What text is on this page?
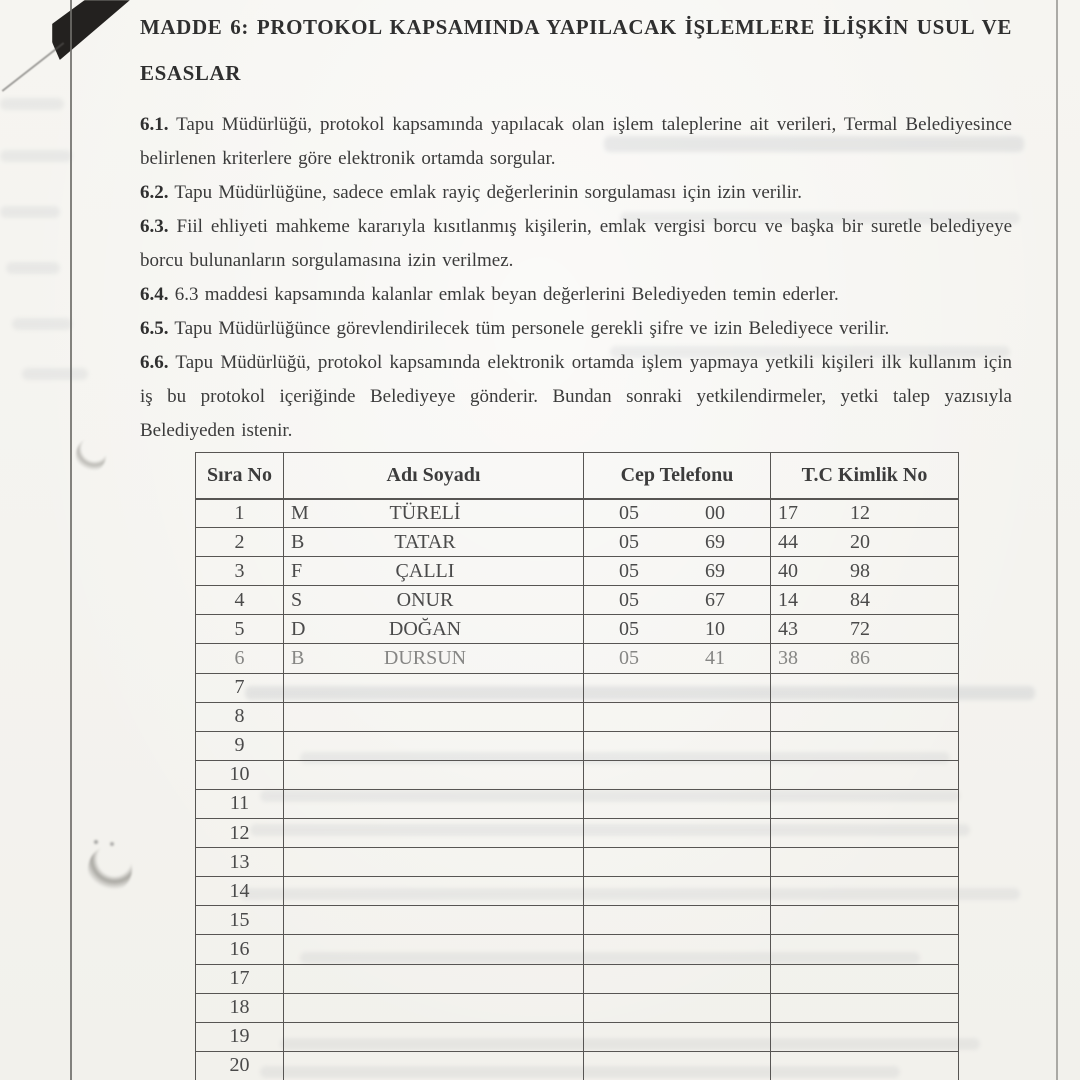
MADDE 6: PROTOKOL KAPSAMINDA YAPILACAK İŞLEMLERE İLİŞKİN USUL VE ESASLAR

6.1. Tapu Müdürlüğü, protokol kapsamında yapılacak olan işlem taleplerine ait verileri, Termal Belediyesince belirlenen kriterlere göre elektronik ortamda sorgular.

6.2. Tapu Müdürlüğüne, sadece emlak rayiç değerlerinin sorgulaması için izin verilir.

6.3. Fiil ehliyeti mahkeme kararıyla kısıtlanmış kişilerin, emlak vergisi borcu ve başka bir suretle belediyeye borcu bulunanların sorgulamasına izin verilmez.

6.4. 6.3 maddesi kapsamında kalanlar emlak beyan değerlerini Belediyeden temin ederler.

6.5. Tapu Müdürlüğünce görevlendirilecek tüm personele gerekli şifre ve izin Belediyece verilir.

6.6. Tapu Müdürlüğü, protokol kapsamında elektronik ortamda işlem yapmaya yetkili kişileri ilk kullanım için iş bu protokol içeriğinde Belediyeye gönderir. Bundan sonraki yetkilendirmeler, yetki talep yazısıyla Belediyeden istenir.

Sıra No	Adı Soyadı	Cep Telefonu	T.C Kimlik No
1	M TÜRELİ	05 00	17 12

2	B TATAR	05 69	44 20

3	F ÇALLI	05 69	40 98

4	S ONUR	05 67	14 84

5	D DOĞAN	05 10	43 72

6	B DURSUN	05 41	38 86

7	

8	

9	

10	

11	

12	

13	

14	

15	

16	

17	

18	

19	

20	
